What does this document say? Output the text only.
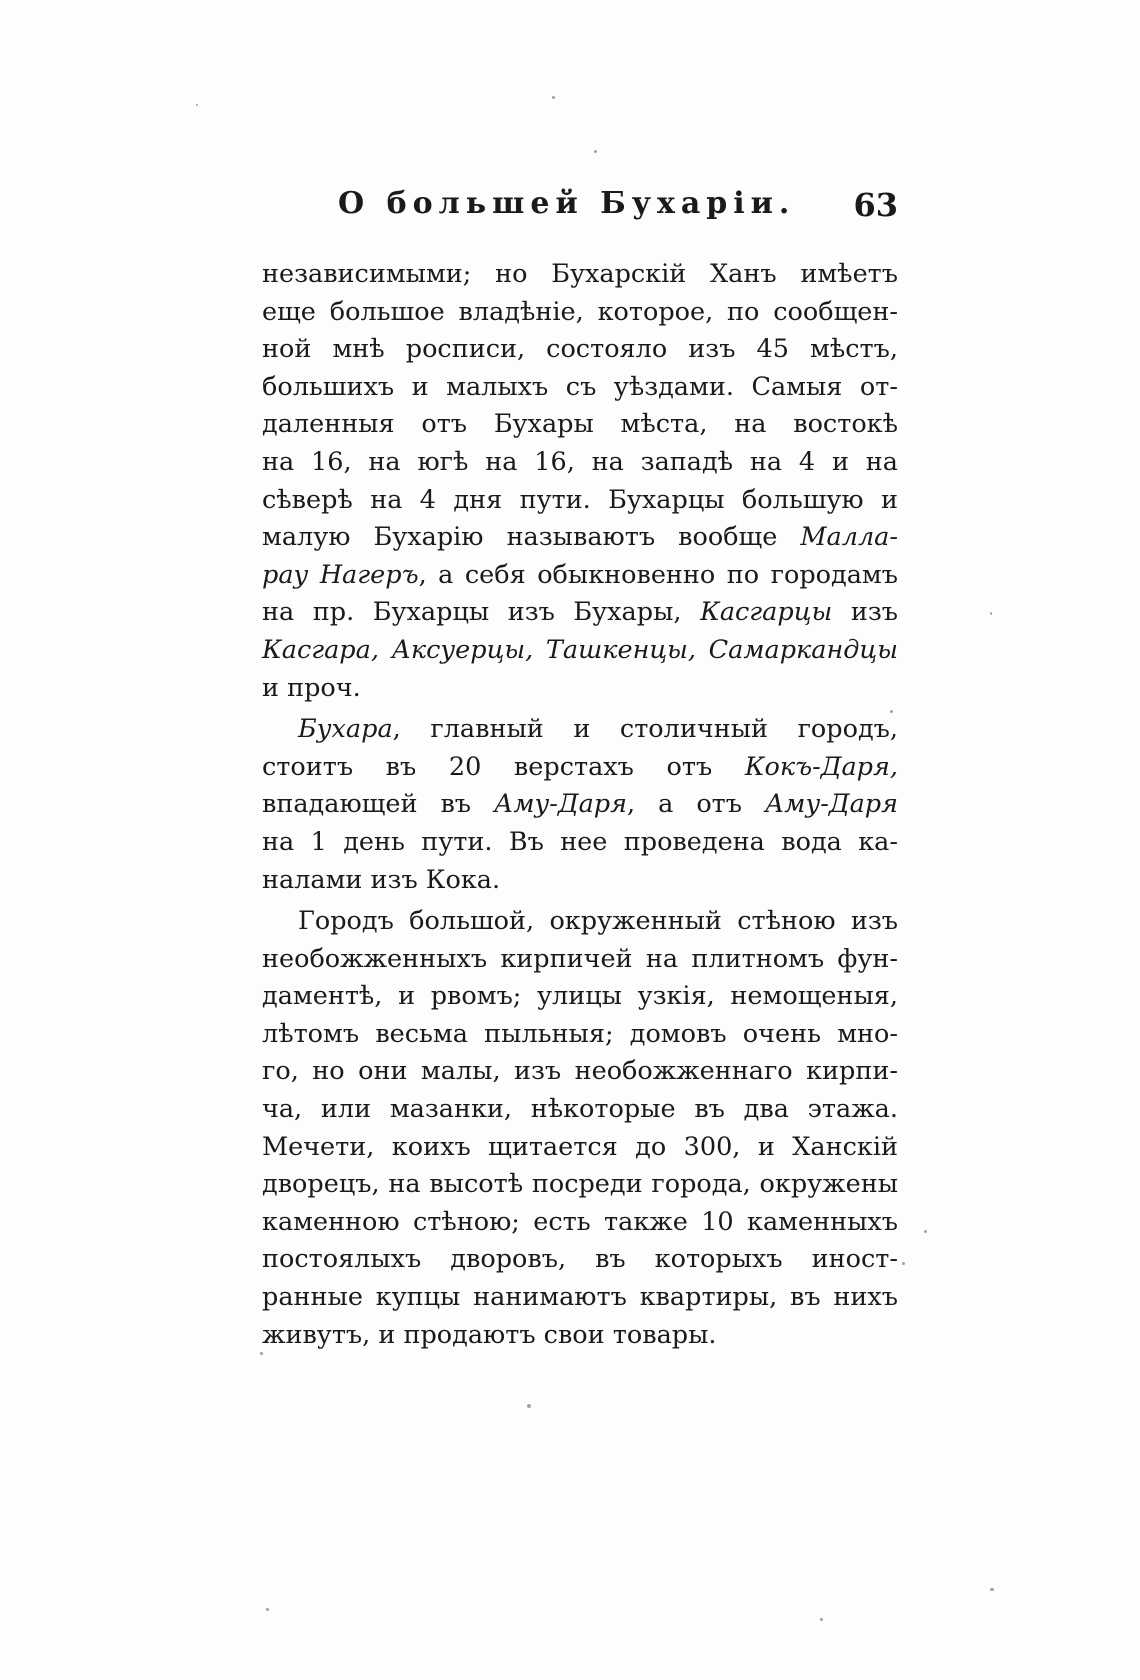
О большей Бухаріи. 63
независимыми; но Бухарскій Ханъ имѣетъ
еще большое владѣніе, которое, по сообщен-
ной мнѣ росписи, состояло изъ 45 мѣстъ,
большихъ и малыхъ съ уѣздами. Самыя от-
даленныя отъ Бухары мѣста, на востокѣ
на 16, на югѣ на 16, на западѣ на 4 и на
сѣверѣ на 4 дня пути. Бухарцы большую и
малую Бухарію называютъ вообще Малла-
рау Нагеръ, а себя обыкновенно по городамъ
на пр. Бухарцы изъ Бухары, Касгарцы изъ
Касгара, Аксуерцы, Ташкенцы, Самаркандцы
и проч.
Бухара, главный и столичный городъ,
стоитъ въ 20 верстахъ отъ Кокъ-Даря,
впадающей въ Аму-Даря, а отъ Аму-Даря
на 1 день пути. Въ нее проведена вода ка-
налами изъ Кока.
Городъ большой, окруженный стѣною изъ
необожженныхъ кирпичей на плитномъ фун-
даментѣ, и рвомъ; улицы узкія, немощеныя,
лѣтомъ весьма пыльныя; домовъ очень мно-
го, но они малы, изъ необожженнаго кирпи-
ча, или мазанки, нѣкоторые въ два этажа.
Мечети, коихъ щитается до 300, и Ханскій
дворецъ, на высотѣ посреди города, окружены
каменною стѣною; есть также 10 каменныхъ
постоялыхъ дворовъ, въ которыхъ иност-
ранные купцы нанимаютъ квартиры, въ нихъ
живутъ, и продаютъ свои товары.
